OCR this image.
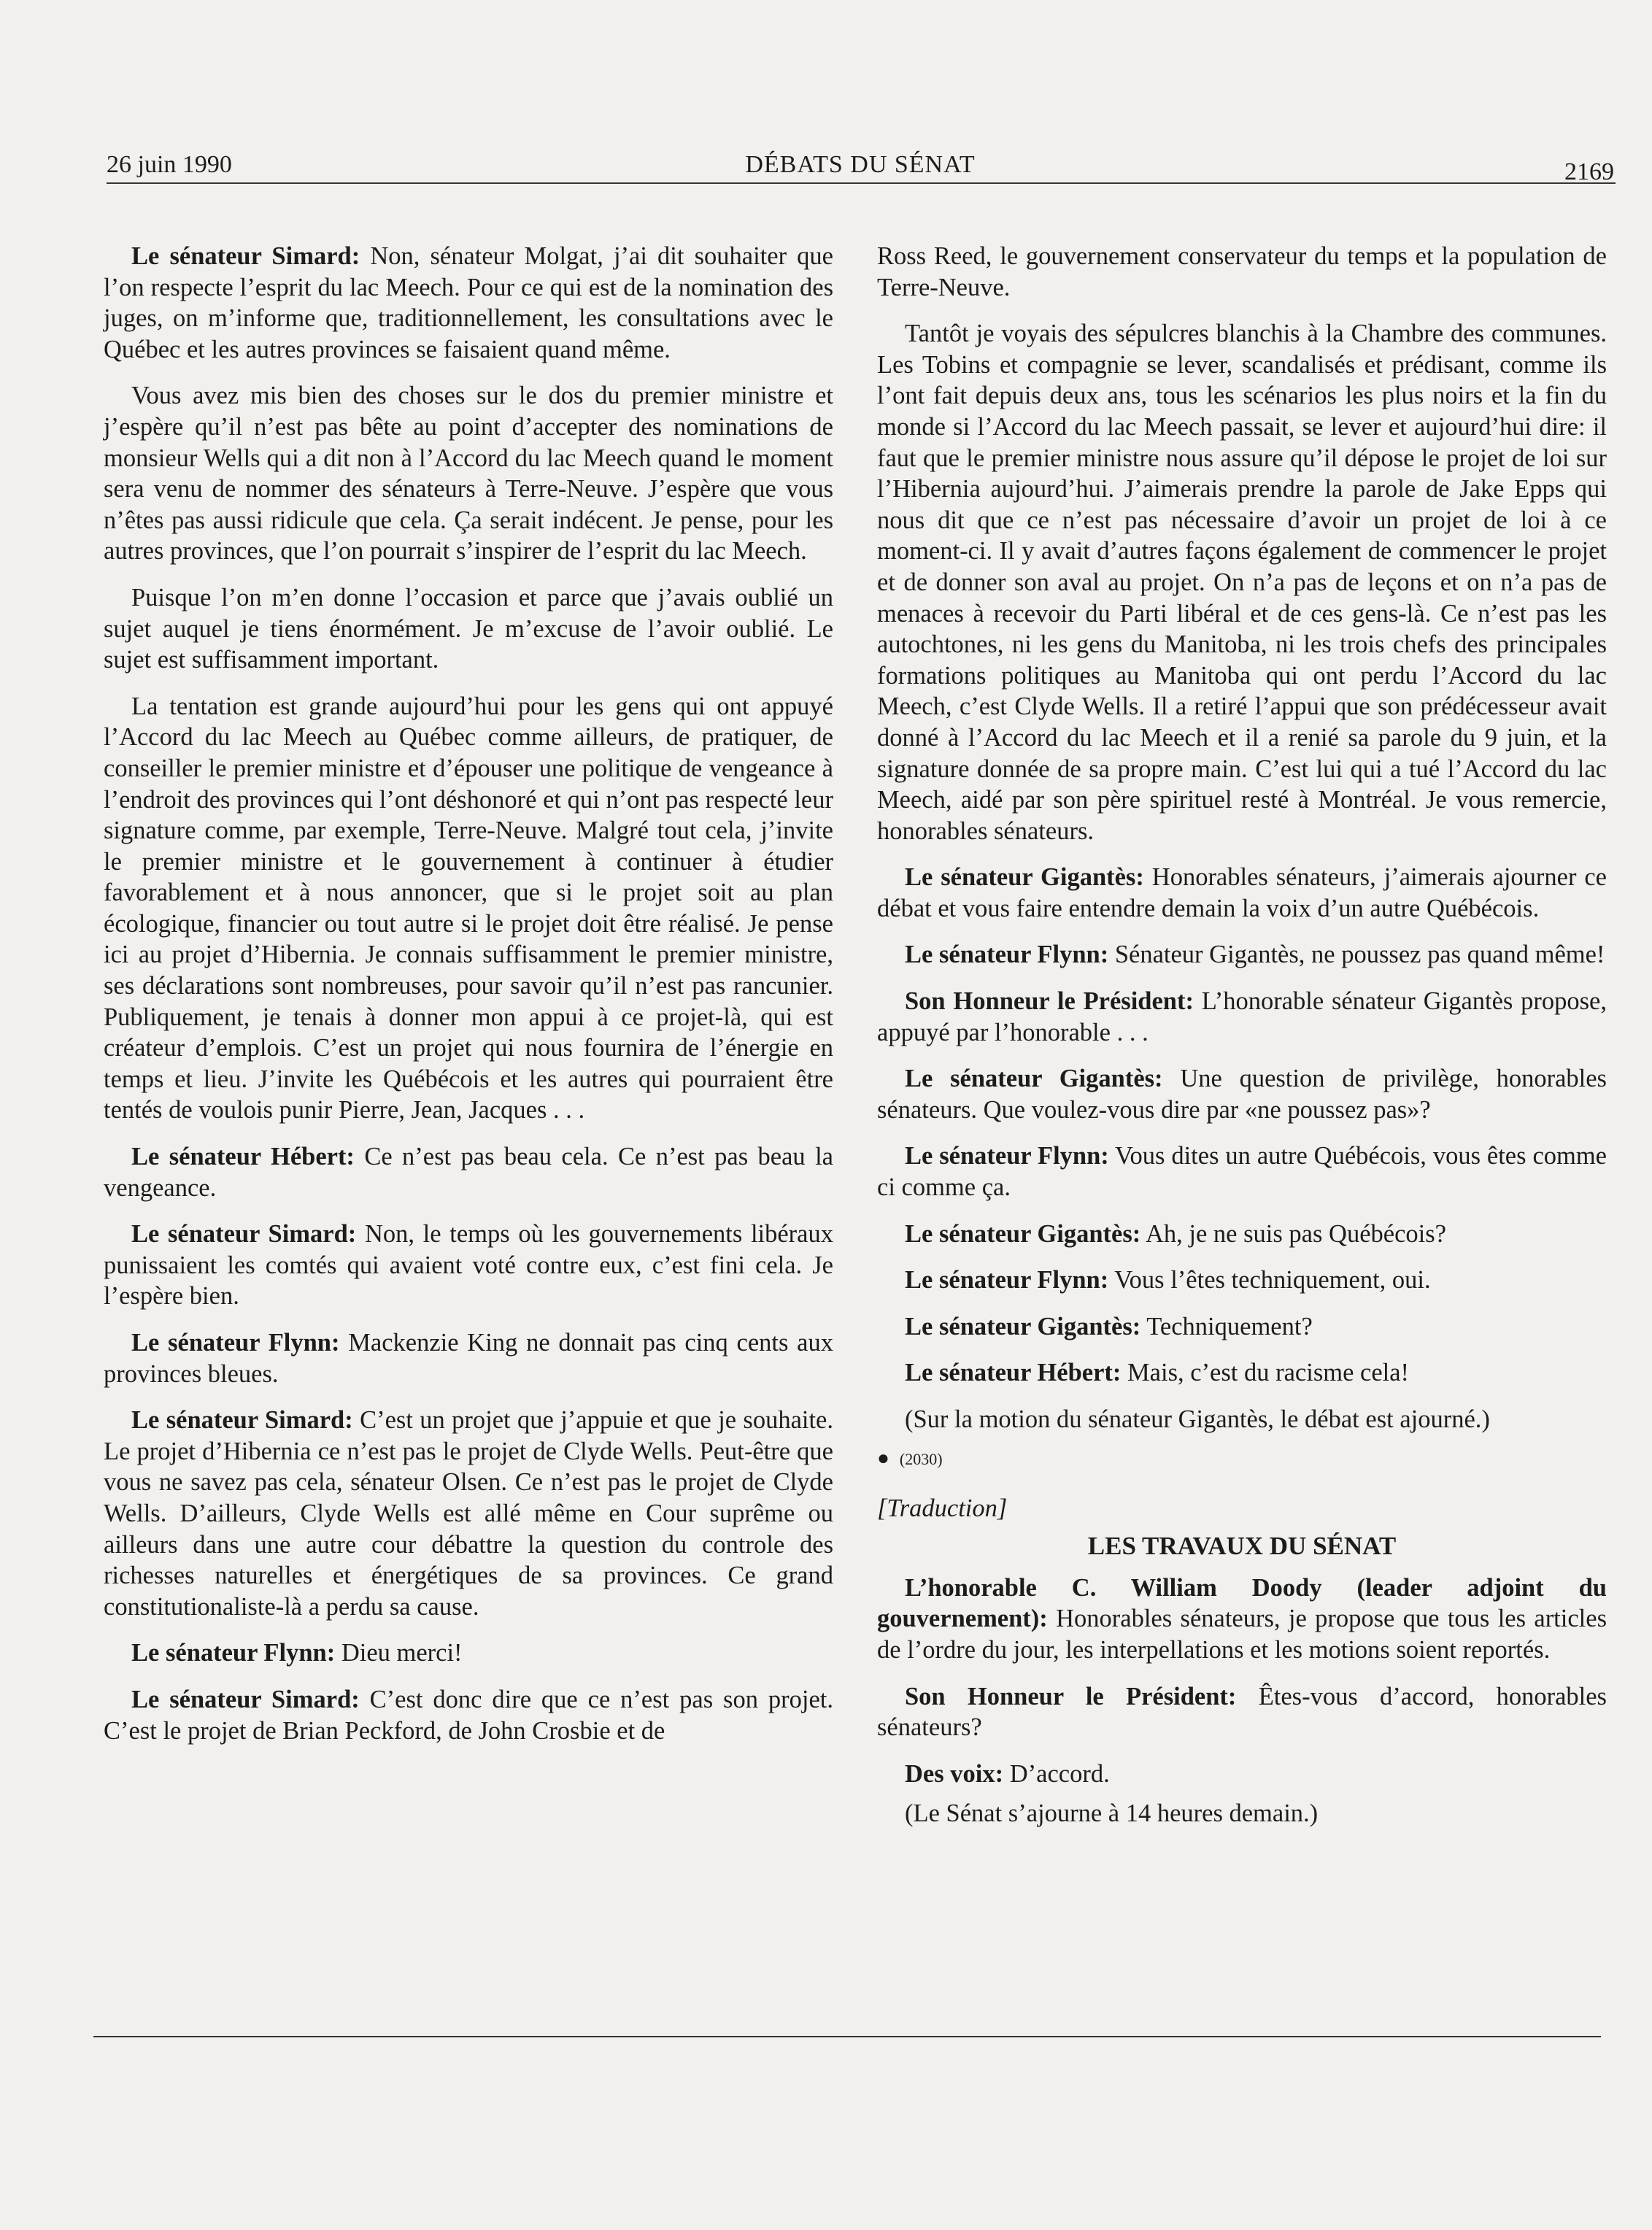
26 juin 1990	DÉBATS DU SÉNAT	2169

Le sénateur Simard: Non, sénateur Molgat, j’ai dit souhaiter que l’on respecte l’esprit du lac Meech. Pour ce qui est de la nomination des juges, on m’informe que, traditionnellement, les consultations avec le Québec et les autres provinces se faisaient quand même.

Vous avez mis bien des choses sur le dos du premier ministre et j’espère qu’il n’est pas bête au point d’accepter des nominations de monsieur Wells qui a dit non à l’Accord du lac Meech quand le moment sera venu de nommer des sénateurs à Terre-Neuve. J’espère que vous n’êtes pas aussi ridicule que cela. Ça serait indécent. Je pense, pour les autres provinces, que l’on pourrait s’inspirer de l’esprit du lac Meech.

Puisque l’on m’en donne l’occasion et parce que j’avais oublié un sujet auquel je tiens énormément. Je m’excuse de l’avoir oublié. Le sujet est suffisamment important.

La tentation est grande aujourd’hui pour les gens qui ont appuyé l’Accord du lac Meech au Québec comme ailleurs, de pratiquer, de conseiller le premier ministre et d’épouser une politique de vengeance à l’endroit des provinces qui l’ont déshonoré et qui n’ont pas respecté leur signature comme, par exemple, Terre-Neuve. Malgré tout cela, j’invite le premier ministre et le gouvernement à continuer à étudier favorablement et à nous annoncer, que si le projet soit au plan écologique, financier ou tout autre si le projet doit être réalisé. Je pense ici au projet d’Hibernia. Je connais suffisamment le premier ministre, ses déclarations sont nombreuses, pour savoir qu’il n’est pas rancunier. Publiquement, je tenais à donner mon appui à ce projet-là, qui est créateur d’emplois. C’est un projet qui nous fournira de l’énergie en temps et lieu. J’invite les Québécois et les autres qui pourraient être tentés de voulois punir Pierre, Jean, Jacques . . .

Le sénateur Hébert: Ce n’est pas beau cela. Ce n’est pas beau la vengeance.

Le sénateur Simard: Non, le temps où les gouvernements libéraux punissaient les comtés qui avaient voté contre eux, c’est fini cela. Je l’espère bien.

Le sénateur Flynn: Mackenzie King ne donnait pas cinq cents aux provinces bleues.

Le sénateur Simard: C’est un projet que j’appuie et que je souhaite. Le projet d’Hibernia ce n’est pas le projet de Clyde Wells. Peut-être que vous ne savez pas cela, sénateur Olsen. Ce n’est pas le projet de Clyde Wells. D’ailleurs, Clyde Wells est allé même en Cour suprême ou ailleurs dans une autre cour débattre la question du controle des richesses naturelles et énergétiques de sa provinces. Ce grand constitutionaliste-là a perdu sa cause.

Le sénateur Flynn: Dieu merci!

Le sénateur Simard: C’est donc dire que ce n’est pas son projet. C’est le projet de Brian Peckford, de John Crosbie et de

Ross Reed, le gouvernement conservateur du temps et la population de Terre-Neuve.

Tantôt je voyais des sépulcres blanchis à la Chambre des communes. Les Tobins et compagnie se lever, scandalisés et prédisant, comme ils l’ont fait depuis deux ans, tous les scénarios les plus noirs et la fin du monde si l’Accord du lac Meech passait, se lever et aujourd’hui dire: il faut que le premier ministre nous assure qu’il dépose le projet de loi sur l’Hibernia aujourd’hui. J’aimerais prendre la parole de Jake Epps qui nous dit que ce n’est pas nécessaire d’avoir un projet de loi à ce moment-ci. Il y avait d’autres façons également de commencer le projet et de donner son aval au projet. On n’a pas de leçons et on n’a pas de menaces à recevoir du Parti libéral et de ces gens-là. Ce n’est pas les autochtones, ni les gens du Manitoba, ni les trois chefs des principales formations politiques au Manitoba qui ont perdu l’Accord du lac Meech, c’est Clyde Wells. Il a retiré l’appui que son prédécesseur avait donné à l’Accord du lac Meech et il a renié sa parole du 9 juin, et la signature donnée de sa propre main. C’est lui qui a tué l’Accord du lac Meech, aidé par son père spirituel resté à Montréal. Je vous remercie, honorables sénateurs.

Le sénateur Gigantès: Honorables sénateurs, j’aimerais ajourner ce débat et vous faire entendre demain la voix d’un autre Québécois.

Le sénateur Flynn: Sénateur Gigantès, ne poussez pas quand même!

Son Honneur le Président: L’honorable sénateur Gigantès propose, appuyé par l’honorable . . .

Le sénateur Gigantès: Une question de privilège, honorables sénateurs. Que voulez-vous dire par «ne poussez pas»?

Le sénateur Flynn: Vous dites un autre Québécois, vous êtes comme ci comme ça.

Le sénateur Gigantès: Ah, je ne suis pas Québécois?

Le sénateur Flynn: Vous l’êtes techniquement, oui.

Le sénateur Gigantès: Techniquement?

Le sénateur Hébert: Mais, c’est du racisme cela!

(Sur la motion du sénateur Gigantès, le débat est ajourné.)

● (2030)
[Traduction]
LES TRAVAUX DU SÉNAT

L’honorable C. William Doody (leader adjoint du gouvernement): Honorables sénateurs, je propose que tous les articles de l’ordre du jour, les interpellations et les motions soient reportés.

Son Honneur le Président: Êtes-vous d’accord, honorables sénateurs?

Des voix: D’accord.

(Le Sénat s’ajourne à 14 heures demain.)
